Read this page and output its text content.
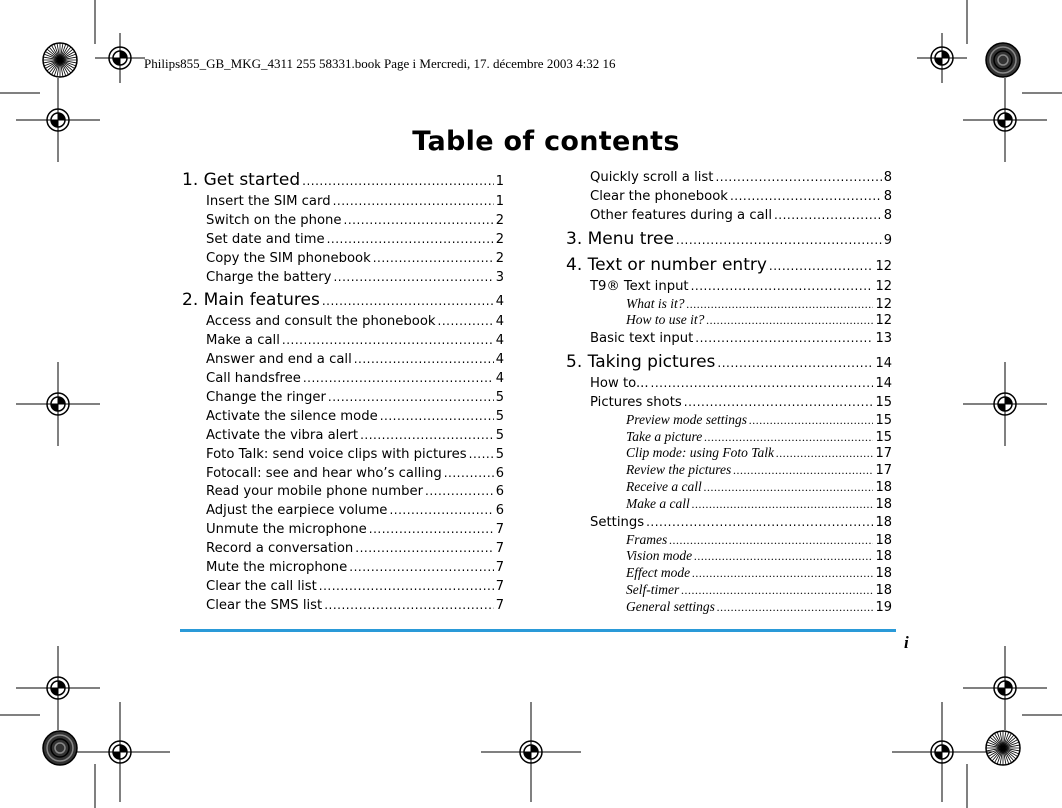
Philips855_GB_MKG_4311 255 58331.book Page i Mercredi, 17. décembre 2003 4:32 16
Table of contents
1. Get started .....	1
Insert the SIM card .....	1
Switch on the phone .....	2
Set date and time .....	2
Copy the SIM phonebook .....	2
Charge the battery .....	3
2. Main features .....	4
Access and consult the phonebook .....	4
Make a call .....	4
Answer and end a call .....	4
Call handsfree .....	4
Change the ringer .....	5
Activate the silence mode .....	5
Activate the vibra alert .....	5
Foto Talk: send voice clips with pictures ..... 5
Fotocall: see and hear who’s calling .....	6
Read your mobile phone number .....	6
Adjust the earpiece volume .....	6
Unmute the microphone .....	7
Record a conversation .....	7
Mute the microphone .....	7
Clear the call list .....	7
Clear the SMS list .....	7
Quickly scroll a list .....	8
Clear the phonebook .....	8
Other features during a call .....	8
3. Menu tree .....	9
4. Text or number entry .....	12
T9® Text input .....	12
What is it? .....	12
How to use it? .....	12
Basic text input .....	13
5. Taking pictures .....	14
How to... .....	14
Pictures shots .....	15
Preview mode settings .....	15
Take a picture .....	15
Clip mode: using Foto Talk .....	17
Review the pictures .....	17
Receive a call .....	18
Make a call .....	18
Settings .....	18
Frames .....	18
Vision mode .....	18
Effect mode .....	18
Self-timer .....	18
General settings .....	19
i
